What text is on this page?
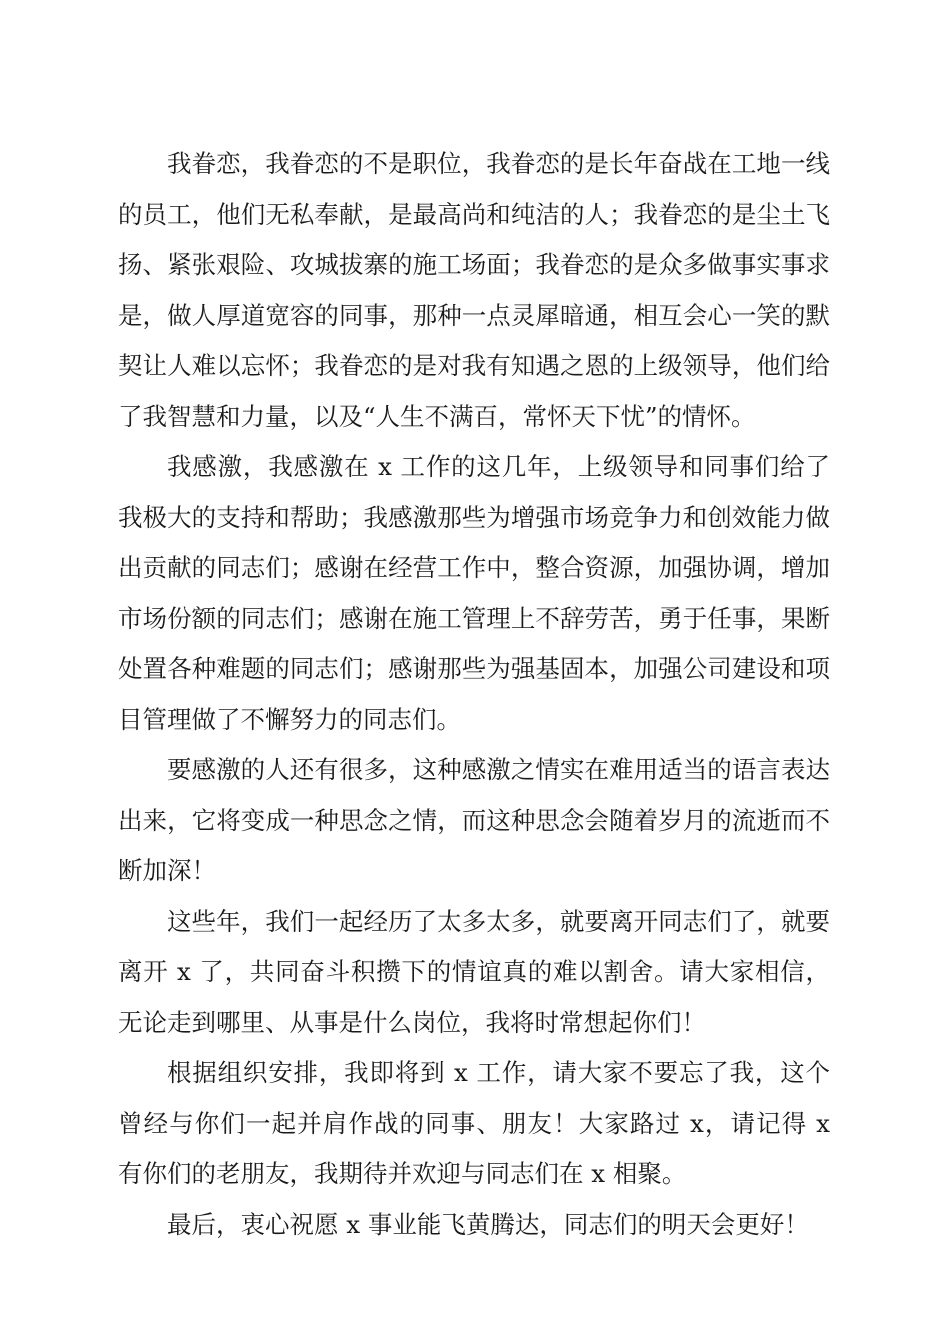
我眷恋，我眷恋的不是职位，我眷恋的是长年奋战在工地一线的员工，他们无私奉献，是最高尚和纯洁的人；我眷恋的是尘土飞扬、紧张艰险、攻城拔寨的施工场面；我眷恋的是众多做事实事求是，做人厚道宽容的同事，那种一点灵犀暗通，相互会心一笑的默契让人难以忘怀；我眷恋的是对我有知遇之恩的上级领导，他们给了我智慧和力量，以及“人生不满百，常怀天下忧”的情怀。

我感激，我感激在 x 工作的这几年，上级领导和同事们给了我极大的支持和帮助；我感激那些为增强市场竞争力和创效能力做出贡献的同志们；感谢在经营工作中，整合资源，加强协调，增加市场份额的同志们；感谢在施工管理上不辞劳苦，勇于任事，果断处置各种难题的同志们；感谢那些为强基固本，加强公司建设和项目管理做了不懈努力的同志们。

要感激的人还有很多，这种感激之情实在难用适当的语言表达出来，它将变成一种思念之情，而这种思念会随着岁月的流逝而不断加深！

这些年，我们一起经历了太多太多，就要离开同志们了，就要离开 x 了，共同奋斗积攒下的情谊真的难以割舍。请大家相信，无论走到哪里、从事是什么岗位，我将时常想起你们！

根据组织安排，我即将到 x 工作，请大家不要忘了我，这个曾经与你们一起并肩作战的同事、朋友！大家路过 x，请记得 x 有你们的老朋友，我期待并欢迎与同志们在 x 相聚。

最后，衷心祝愿 x 事业能飞黄腾达，同志们的明天会更好！
